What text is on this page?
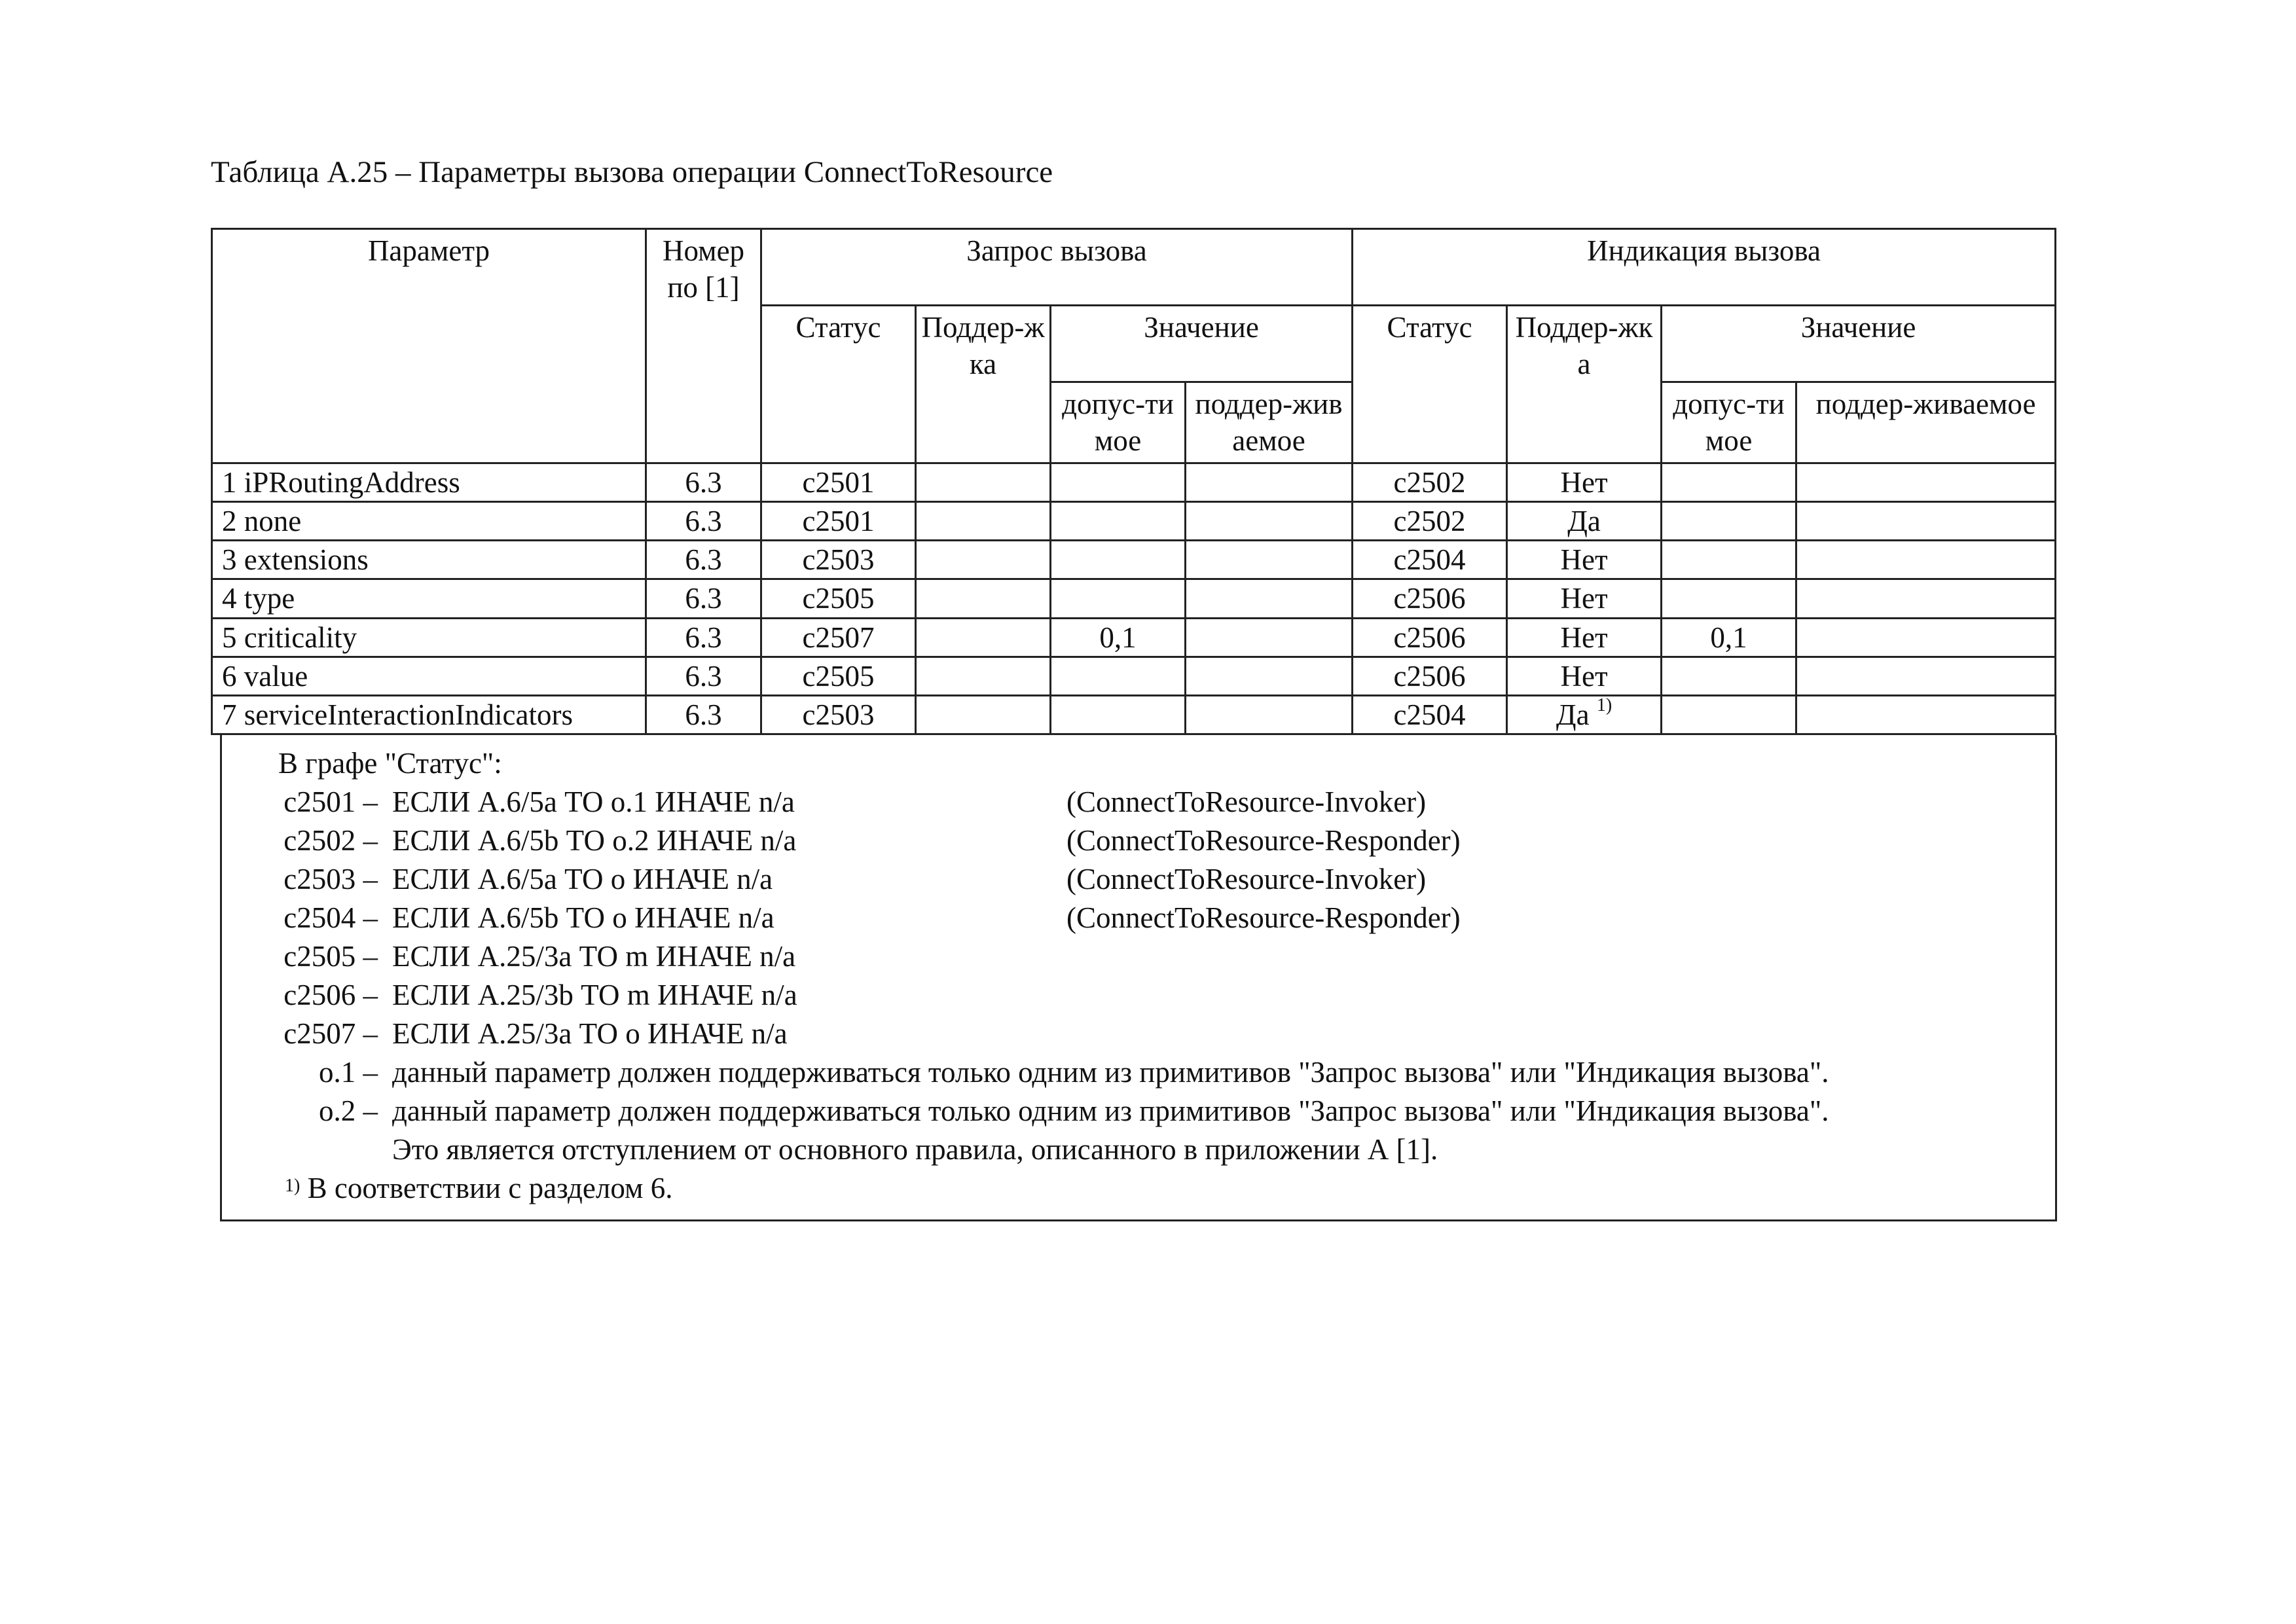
Таблица А.25 – Параметры вызова операции ConnectToResource
Параметр	Номер по [1]	Запрос вызова				Индикация вызова			
		Статус	Поддер-жка	Значение		Статус	Поддер-жка	Значение	
				допус-тимое	поддер-живаемое			допус-тимое	поддер-живаемое
1 iPRoutingAddress	6.3	c2501				c2502	Нет		
2 none	6.3	c2501				c2502	Да		
3 extensions	6.3	c2503				c2504	Нет		
4 type	6.3	c2505				c2506	Нет		
5 criticality	6.3	c2507		0,1		c2506	Нет	0,1	
6 value	6.3	c2505				c2506	Нет		
7 serviceInteractionIndicators	6.3	c2503				c2504	Да $^{1)}$		
В графе "Статус":
c2501 – ЕСЛИ А.6/5a ТО o.1 ИНАЧЕ n/a	(ConnectToResource-Invoker)
c2502 – ЕСЛИ А.6/5b ТО o.2 ИНАЧЕ n/a	(ConnectToResource-Responder)
c2503 – ЕСЛИ А.6/5a ТО o ИНАЧЕ n/a	(ConnectToResource-Invoker)
c2504 – ЕСЛИ А.6/5b ТО o ИНАЧЕ n/a	(ConnectToResource-Responder)
c2505 – ЕСЛИ А.25/3a ТО m ИНАЧЕ n/a
c2506 – ЕСЛИ А.25/3b ТО m ИНАЧЕ n/a
c2507 – ЕСЛИ А.25/3a ТО o ИНАЧЕ n/a
o.1 – данный параметр должен поддерживаться только одним из примитивов "Запрос вызова" или "Индикация вызова".
o.2 – данный параметр должен поддерживаться только одним из примитивов "Запрос вызова" или "Индикация вызова".
Это является отступлением от основного правила, описанного в приложении А [1].
$^{1)}$ В соответствии с разделом 6.
